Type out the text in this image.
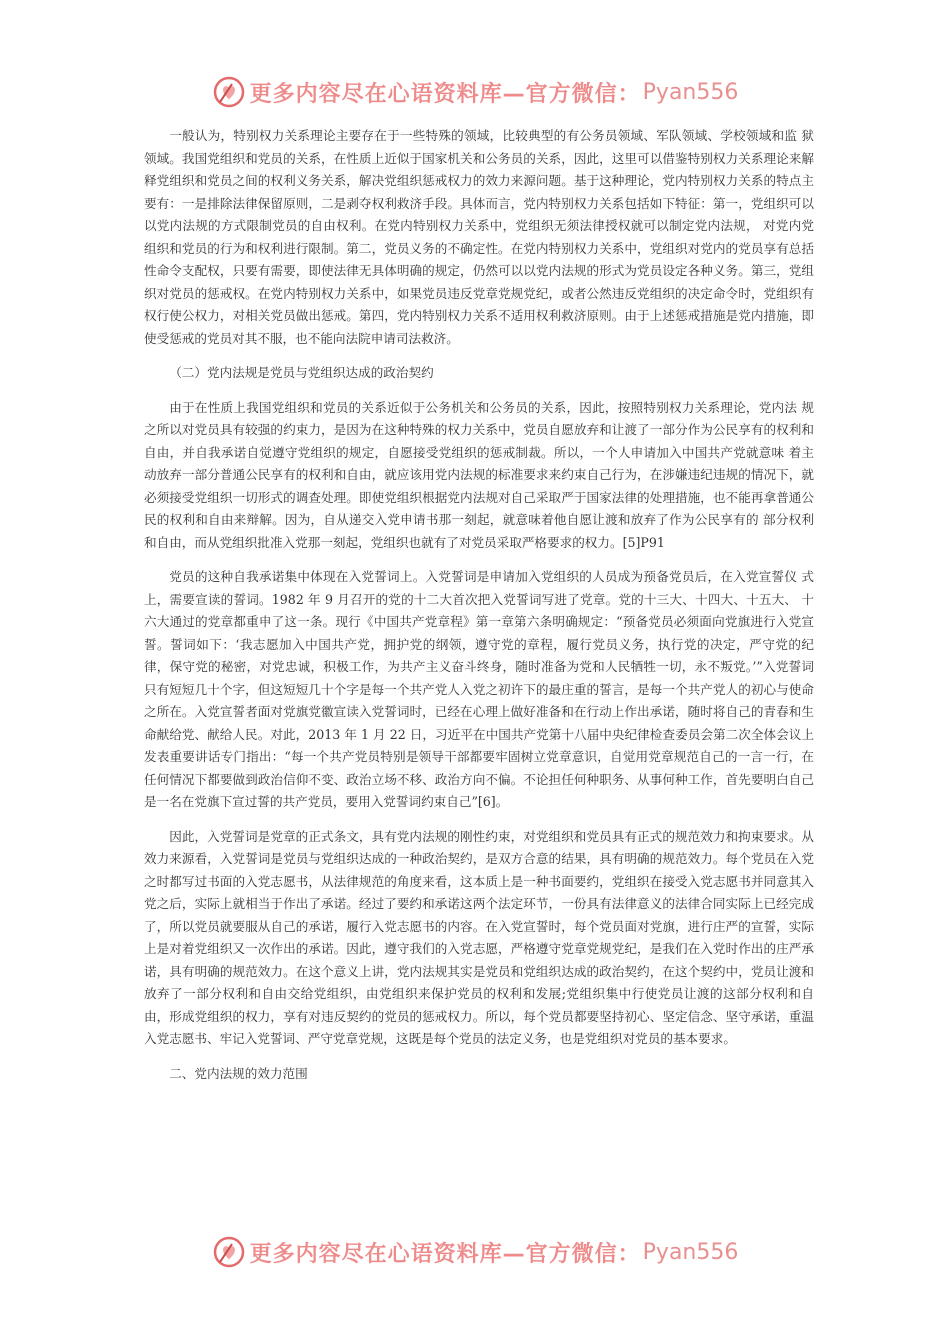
更多内容尽在心语资料库—官方微信： Pyan556

一般认为，特别权力关系理论主要存在于一些特殊的领域，比较典型的有公务员领域、军队领域、学校领域和监 狱领域。我国党组织和党员的关系，在性质上近似于国家机关和公务员的关系，因此，这里可以借鉴特别权力关系理论来解释党组织和党员之间的权利义务关系，解决党组织惩戒权力的效力来源问题。基于这种理论，党内特别权力关系的特点主要有：一是排除法律保留原则，二是剥夺权利救济手段。具体而言，党内特别权力关系包括如下特征：第一，党组织可以以党内法规的方式限制党员的自由权利。在党内特别权力关系中，党组织无须法律授权就可以制定党内法规， 对党内党组织和党员的行为和权利进行限制。第二，党员义务的不确定性。在党内特别权力关系中，党组织对党内的党员享有总括性命令支配权，只要有需要，即使法律无具体明确的规定，仍然可以以党内法规的形式为党员设定各种义务。第三，党组织对党员的惩戒权。在党内特别权力关系中，如果党员违反党章党规党纪，或者公然违反党组织的决定命令时，党组织有权行使公权力，对相关党员做出惩戒。第四，党内特别权力关系不适用权利救济原则。由于上述惩戒措施是党内措施，即使受惩戒的党员对其不服，也不能向法院申请司法救济。

（二）党内法规是党员与党组织达成的政治契约

由于在性质上我国党组织和党员的关系近似于公务机关和公务员的关系，因此，按照特别权力关系理论，党内法 规之所以对党员具有较强的约束力，是因为在这种特殊的权力关系中，党员自愿放弃和让渡了一部分作为公民享有的权利和自由，并自我承诺自觉遵守党组织的规定，自愿接受党组织的惩戒制裁。所以，一个人申请加入中国共产党就意味 着主动放弃一部分普通公民享有的权利和自由，就应该用党内法规的标准要求来约束自己行为，在涉嫌违纪违规的情况下，就必须接受党组织一切形式的调查处理。即使党组织根据党内法规对自己采取严于国家法律的处理措施，也不能再拿普通公民的权利和自由来辩解。因为，自从递交入党申请书那一刻起，就意味着他自愿让渡和放弃了作为公民享有的 部分权利和自由，而从党组织批准入党那一刻起，党组织也就有了对党员采取严格要求的权力。[5]P91

党员的这种自我承诺集中体现在入党誓词上。入党誓词是申请加入党组织的人员成为预备党员后，在入党宣誓仪 式上，需要宣读的誓词。1982 年 9 月召开的党的十二大首次把入党誓词写进了党章。党的十三大、十四大、十五大、 十六大通过的党章都重申了这一条。现行《中国共产党章程》第一章第六条明确规定：“预备党员必须面向党旗进行入党宣誓。誓词如下：‘我志愿加入中国共产党，拥护党的纲领，遵守党的章程，履行党员义务，执行党的决定，严守党的纪律，保守党的秘密，对党忠诚，积极工作，为共产主义奋斗终身，随时准备为党和人民牺牲一切，永不叛党。’”入党誓词只有短短几十个字，但这短短几十个字是每一个共产党人入党之初许下的最庄重的誓言，是每一个共产党人的初心与使命之所在。入党宣誓者面对党旗党徽宣读入党誓词时，已经在心理上做好准备和在行动上作出承诺，随时将自己的青春和生命献给党、献给人民。对此，2013 年 1 月 22 日，习近平在中国共产党第十八届中央纪律检查委员会第二次全体会议上发表重要讲话专门指出：“每一个共产党员特别是领导干部都要牢固树立党章意识，自觉用党章规范自己的一言一行，在任何情况下都要做到政治信仰不变、政治立场不移、政治方向不偏。不论担任何种职务、从事何种工作，首先要明白自己是一名在党旗下宣过誓的共产党员，要用入党誓词约束自己”[6]。

因此，入党誓词是党章的正式条文，具有党内法规的刚性约束，对党组织和党员具有正式的规范效力和拘束要求。从效力来源看，入党誓词是党员与党组织达成的一种政治契约，是双方合意的结果，具有明确的规范效力。每个党员在入党之时都写过书面的入党志愿书，从法律规范的角度来看，这本质上是一种书面要约，党组织在接受入党志愿书并同意其入党之后，实际上就相当于作出了承诺。经过了要约和承诺这两个法定环节，一份具有法律意义的法律合同实际上已经完成了，所以党员就要服从自己的承诺，履行入党志愿书的内容。在入党宣誓时，每个党员面对党旗，进行庄严的宣誓，实际上是对着党组织又一次作出的承诺。因此，遵守我们的入党志愿，严格遵守党章党规党纪，是我们在入党时作出的庄严承诺，具有明确的规范效力。在这个意义上讲，党内法规其实是党员和党组织达成的政治契约，在这个契约中，党员让渡和放弃了一部分权利和自由交给党组织，由党组织来保护党员的权利和发展;党组织集中行使党员让渡的这部分权利和自由，形成党组织的权力，享有对违反契约的党员的惩戒权力。所以，每个党员都要坚持初心、坚定信念、坚守承诺，重温入党志愿书、牢记入党誓词、严守党章党规，这既是每个党员的法定义务，也是党组织对党员的基本要求。

二、党内法规的效力范围

更多内容尽在心语资料库—官方微信： Pyan556
